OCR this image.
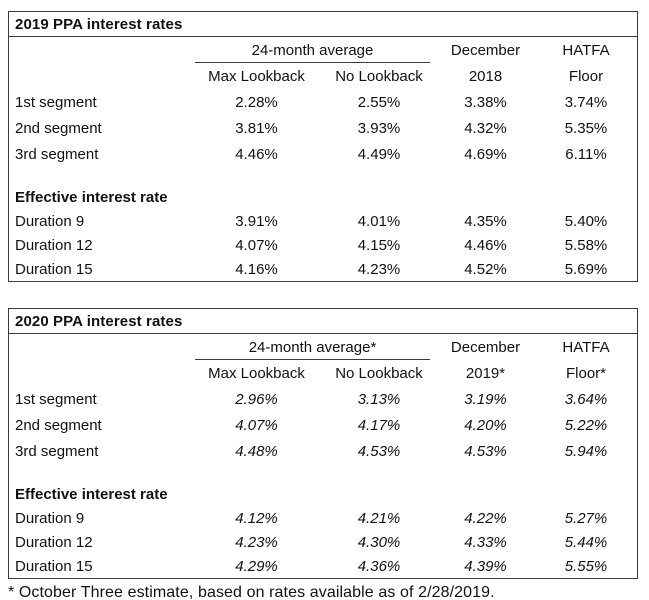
2019 PPA interest rates

	24-month average		December	HATFA
	Max Lookback	No Lookback	2018	Floor
1st segment	2.28%	2.55%	3.38%	3.74%
2nd segment	3.81%	3.93%	4.32%	5.35%
3rd segment	4.46%	4.49%	4.69%	6.11%

Effective interest rate				
Duration 9	3.91%	4.01%	4.35%	5.40%
Duration 12	4.07%	4.15%	4.46%	5.58%
Duration 15	4.16%	4.23%	4.52%	5.69%
2020 PPA interest rates

	24-month average*		December	HATFA
	Max Lookback	No Lookback	2019*	Floor*
1st segment	2.96%	3.13%	3.19%	3.64%
2nd segment	4.07%	4.17%	4.20%	5.22%
3rd segment	4.48%	4.53%	4.53%	5.94%

Effective interest rate				
Duration 9	4.12%	4.21%	4.22%	5.27%
Duration 12	4.23%	4.30%	4.33%	5.44%
Duration 15	4.29%	4.36%	4.39%	5.55%

* October Three estimate, based on rates available as of 2/28/2019.
